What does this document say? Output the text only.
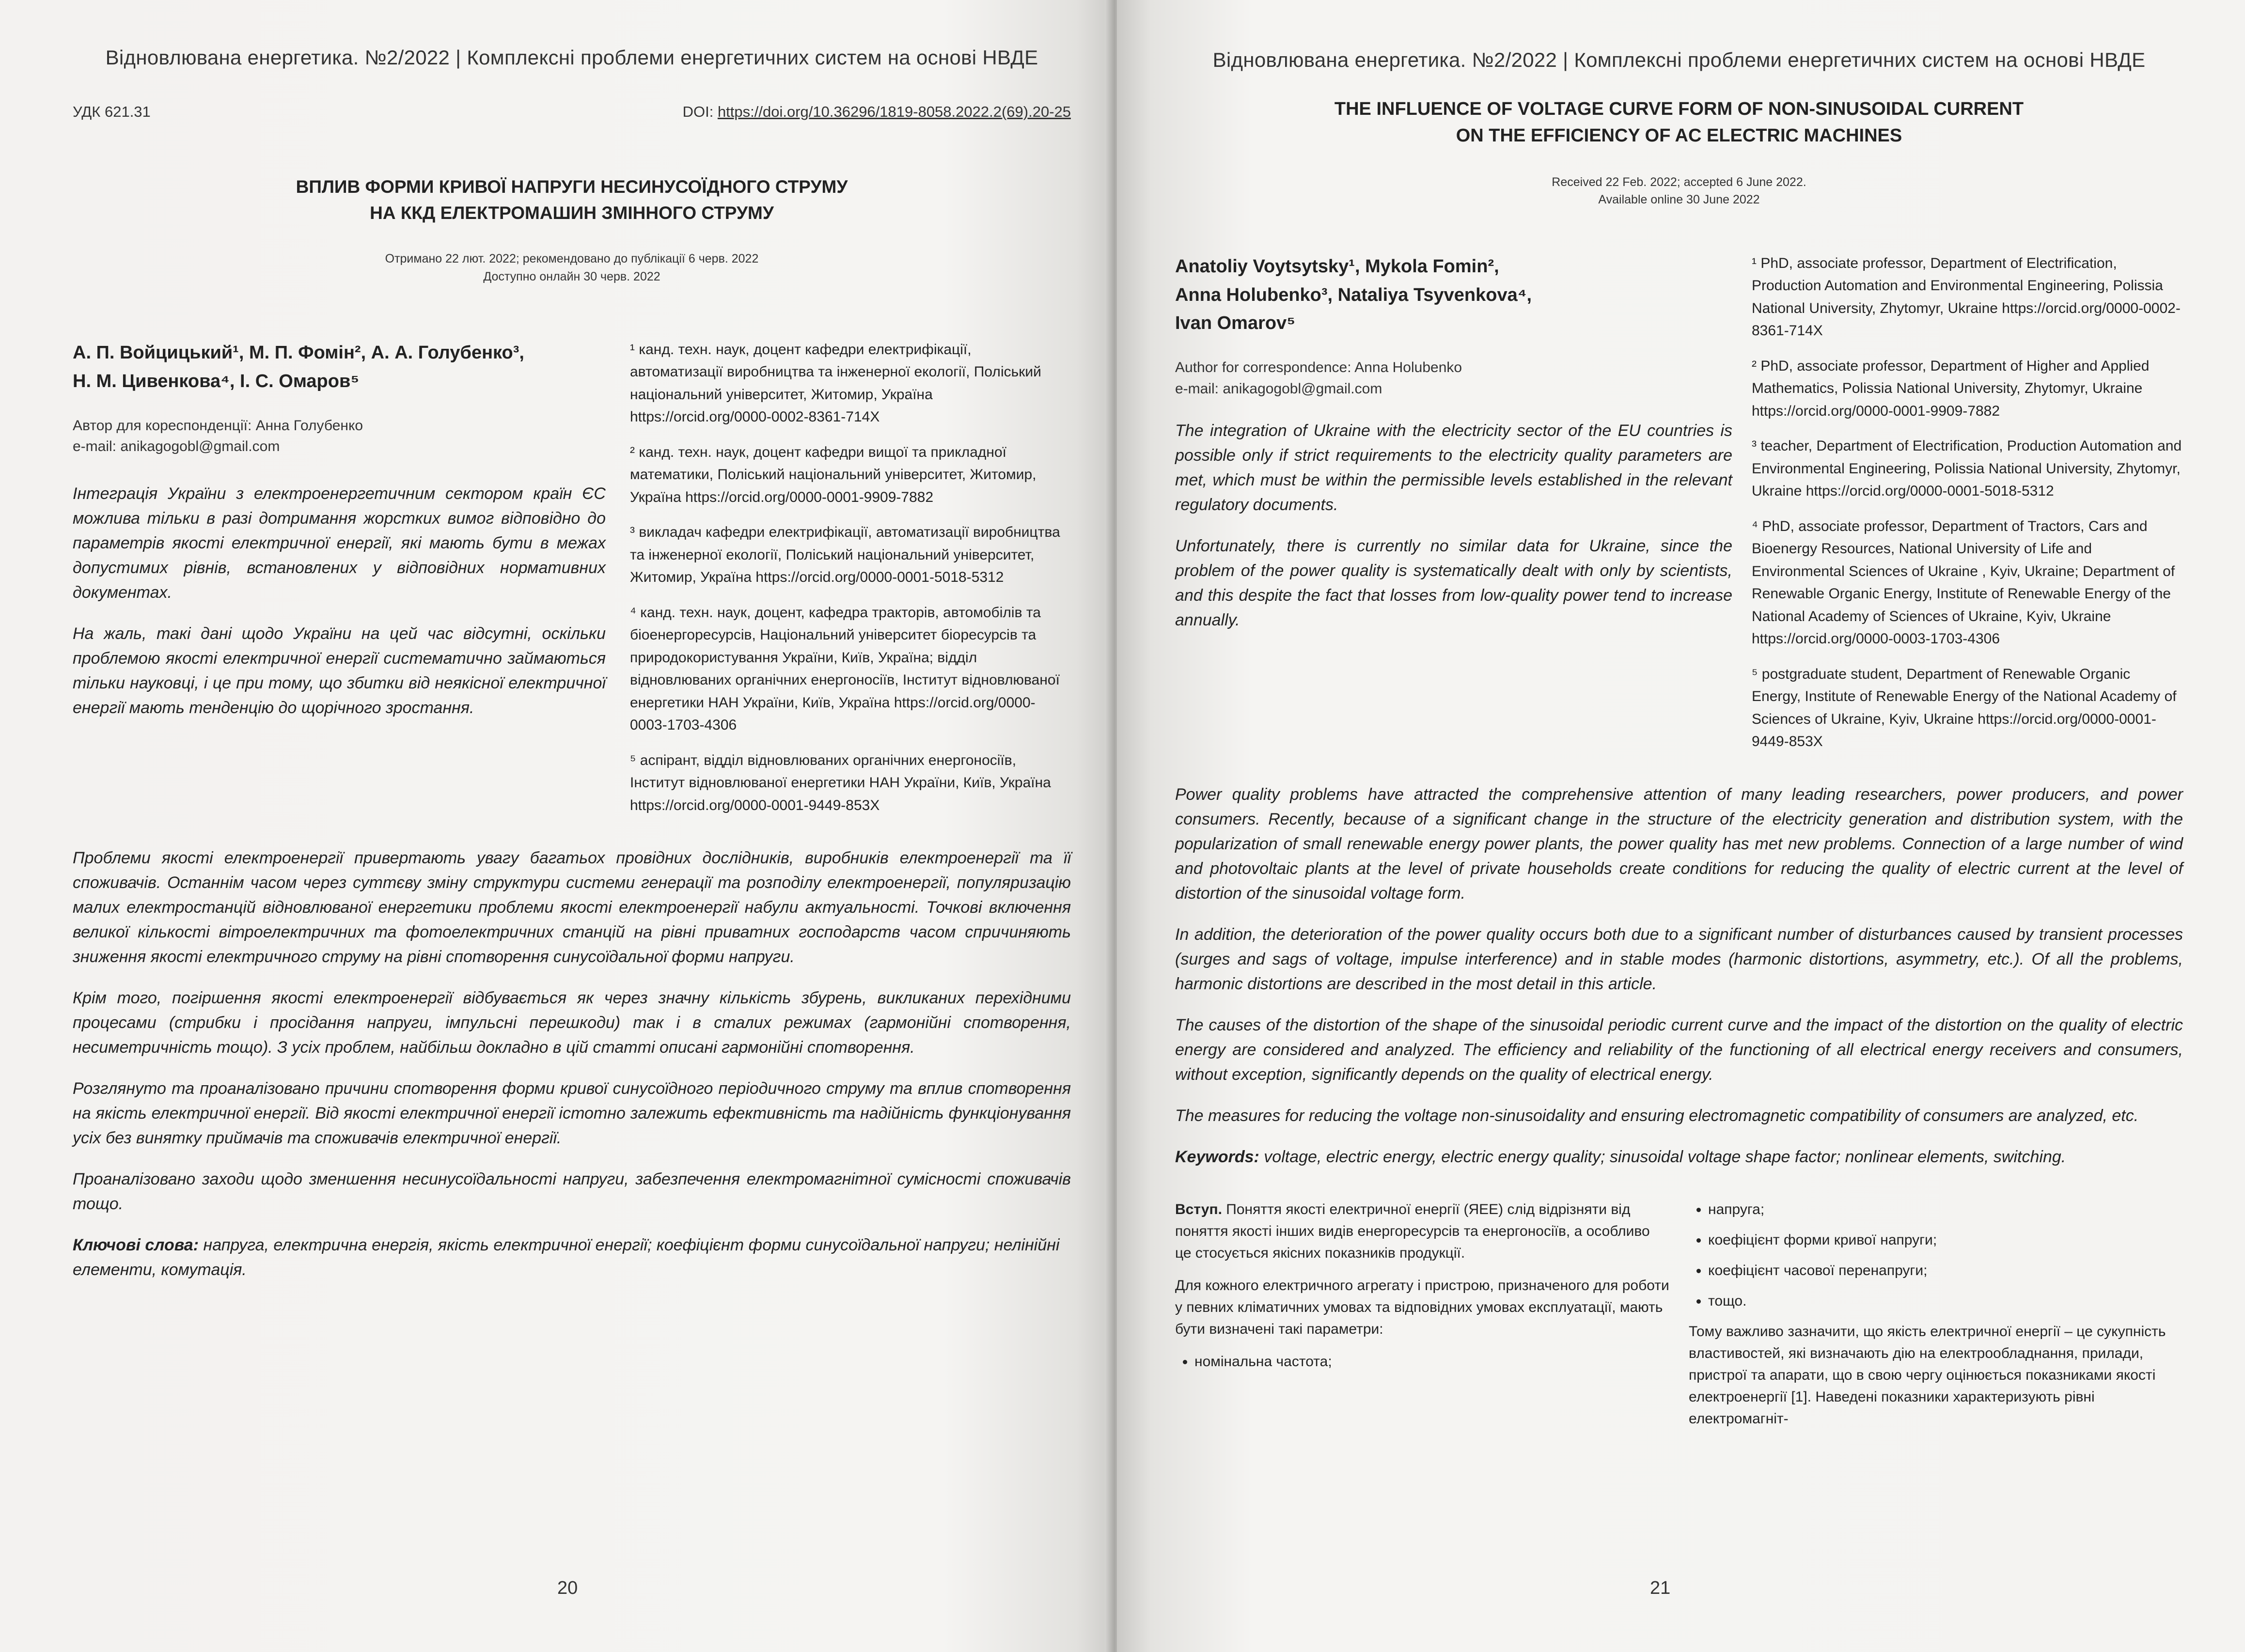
Відновлювана енергетика. №2/2022 | Комплексні проблеми енергетичних систем на основі НВДЕ
УДК 621.31	DOI: https://doi.org/10.36296/1819-8058.2022.2(69).20-25
ВПЛИВ ФОРМИ КРИВОЇ НАПРУГИ НЕСИНУСОЇДНОГО СТРУМУ
НА ККД ЕЛЕКТРОМАШИН ЗМІННОГО СТРУМУ
Отримано 22 лют. 2022; рекомендовано до публікації 6 черв. 2022
Доступно онлайн 30 черв. 2022
А. П. Войцицький¹, М. П. Фомін², А. А. Голубенко³,
Н. М. Цивенкова⁴, І. С. Омаров⁵
Автор для кореспонденції: Анна Голубенко
e-mail: anikagogobl@gmail.com

Інтеграція України з електроенергетичним сектором країн ЄС можлива тільки в разі дотримання жорстких вимог відповідно до параметрів якості електричної енергії, які мають бути в межах допустимих рівнів, встановлених у відповідних нормативних документах.

На жаль, такі дані щодо України на цей час відсутні, оскільки проблемою якості електричної енергії систематично займаються тільки науковці, і це при тому, що збитки від неякісної електричної енергії мають тенденцію до щорічного зростання.

¹ канд. техн. наук, доцент кафедри електрифікації, автоматизації виробництва та інженерної екології, Поліський національний університет, Житомир, Україна https://orcid.org/0000-0002-8361-714X
² канд. техн. наук, доцент кафедри вищої та прикладної математики, Поліський національний університет, Житомир, Україна https://orcid.org/0000-0001-9909-7882
³ викладач кафедри електрифікації, автоматизації виробництва та інженерної екології, Поліський національний університет, Житомир, Україна https://orcid.org/0000-0001-5018-5312
⁴ канд. техн. наук, доцент, кафедра тракторів, автомобілів та біоенергоресурсів, Національний університет біоресурсів та природокористування України, Київ, Україна; відділ відновлюваних органічних енергоносіїв, Інститут відновлюваної енергетики НАН України, Київ, Україна https://orcid.org/0000-0003-1703-4306
⁵ аспірант, відділ відновлюваних органічних енергоносіїв, Інститут відновлюваної енергетики НАН України, Київ, Україна https://orcid.org/0000-0001-9449-853X

Проблеми якості електроенергії привертають увагу багатьох провідних дослідників, виробників електроенергії та її споживачів. Останнім часом через суттєву зміну структури системи генерації та розподілу електроенергії, популяризацію малих електростанцій відновлюваної енергетики проблеми якості електроенергії набули актуальності. Точкові включення великої кількості вітроелектричних та фотоелектричних станцій на рівні приватних господарств часом спричиняють зниження якості електричного струму на рівні спотворення синусоїдальної форми напруги.

Крім того, погіршення якості електроенергії відбувається як через значну кількість збурень, викликаних перехідними процесами (стрибки і просідання напруги, імпульсні перешкоди) так і в сталих режимах (гармонійні спотворення, несиметричність тощо). З усіх проблем, найбільш докладно в цій статті описані гармонійні спотворення.

Розглянуто та проаналізовано причини спотворення форми кривої синусоїдного періодичного струму та вплив спотворення на якість електричної енергії. Від якості електричної енергії істотно залежить ефективність та надійність функціонування усіх без винятку приймачів та споживачів електричної енергії.

Проаналізовано заходи щодо зменшення несинусоїдальності напруги, забезпечення електромагнітної сумісності споживачів тощо.

Ключові слова: напруга, електрична енергія, якість електричної енергії; коефіцієнт форми синусоїдальної напруги; нелінійні елементи, комутація.

20
Відновлювана енергетика. №2/2022 | Комплексні проблеми енергетичних систем на основі НВДЕ
THE INFLUENCE OF VOLTAGE CURVE FORM OF NON-SINUSOIDAL CURRENT
ON THE EFFICIENCY OF AC ELECTRIC MACHINES
Received 22 Feb. 2022; accepted 6 June 2022.
Available online 30 June 2022
Anatoliy Voytsytsky¹, Mykola Fomin²,
Anna Holubenko³, Nataliya Tsyvenkova⁴,
Ivan Omarov⁵
Author for correspondence: Anna Holubenko
e-mail: anikagogobl@gmail.com

The integration of Ukraine with the electricity sector of the EU countries is possible only if strict requirements to the electricity quality parameters are met, which must be within the permissible levels established in the relevant regulatory documents.

Unfortunately, there is currently no similar data for Ukraine, since the problem of the power quality is systematically dealt with only by scientists, and this despite the fact that losses from low-quality power tend to increase annually.

¹ PhD, associate professor, Department of Electrification, Production Automation and Environmental Engineering, Polissia National University, Zhytomyr, Ukraine https://orcid.org/0000-0002-8361-714X
² PhD, associate professor, Department of Higher and Applied Mathematics, Polissia National University, Zhytomyr, Ukraine https://orcid.org/0000-0001-9909-7882
³ teacher, Department of Electrification, Production Automation and Environmental Engineering, Polissia National University, Zhytomyr, Ukraine https://orcid.org/0000-0001-5018-5312
⁴ PhD, associate professor, Department of Tractors, Cars and Bioenergy Resources, National University of Life and Environmental Sciences of Ukraine , Kyiv, Ukraine; Department of Renewable Organic Energy, Institute of Renewable Energy of the National Academy of Sciences of Ukraine, Kyiv, Ukraine https://orcid.org/0000-0003-1703-4306
⁵ postgraduate student, Department of Renewable Organic Energy, Institute of Renewable Energy of the National Academy of Sciences of Ukraine, Kyiv, Ukraine https://orcid.org/0000-0001-9449-853X

Power quality problems have attracted the comprehensive attention of many leading researchers, power producers, and power consumers. Recently, because of a significant change in the structure of the electricity generation and distribution system, with the popularization of small renewable energy power plants, the power quality has met new problems. Connection of a large number of wind and photovoltaic plants at the level of private households create conditions for reducing the quality of electric current at the level of distortion of the sinusoidal voltage form.

In addition, the deterioration of the power quality occurs both due to a significant number of disturbances caused by transient processes (surges and sags of voltage, impulse interference) and in stable modes (harmonic distortions, asymmetry, etc.). Of all the problems, harmonic distortions are described in the most detail in this article.

The causes of the distortion of the shape of the sinusoidal periodic current curve and the impact of the distortion on the quality of electric energy are considered and analyzed. The efficiency and reliability of the functioning of all electrical energy receivers and consumers, without exception, significantly depends on the quality of electrical energy.

The measures for reducing the voltage non-sinusoidality and ensuring electromagnetic compatibility of consumers are analyzed, etc.

Keywords: voltage, electric energy, electric energy quality; sinusoidal voltage shape factor; nonlinear elements, switching.

Вступ. Поняття якості електричної енергії (ЯЕЕ) слід відрізняти від поняття якості інших видів енергоресурсів та енергоносіїв, а особливо це стосується якісних показників продукції.

Для кожного електричного агрегату і пристрою, призначеного для роботи у певних кліматичних умовах та відповідних умовах експлуатації, мають бути визначені такі параметри:

• номінальна частота;
• напруга;
• коефіцієнт форми кривої напруги;
• коефіцієнт часової перенапруги;
• тощо.

Тому важливо зазначити, що якість електричної енергії – це сукупність властивостей, які визначають дію на електрообладнання, прилади, пристрої та апарати, що в свою чергу оцінюється показниками якості електроенергії [1]. Наведені показники характеризують рівні електромагніт-

21
